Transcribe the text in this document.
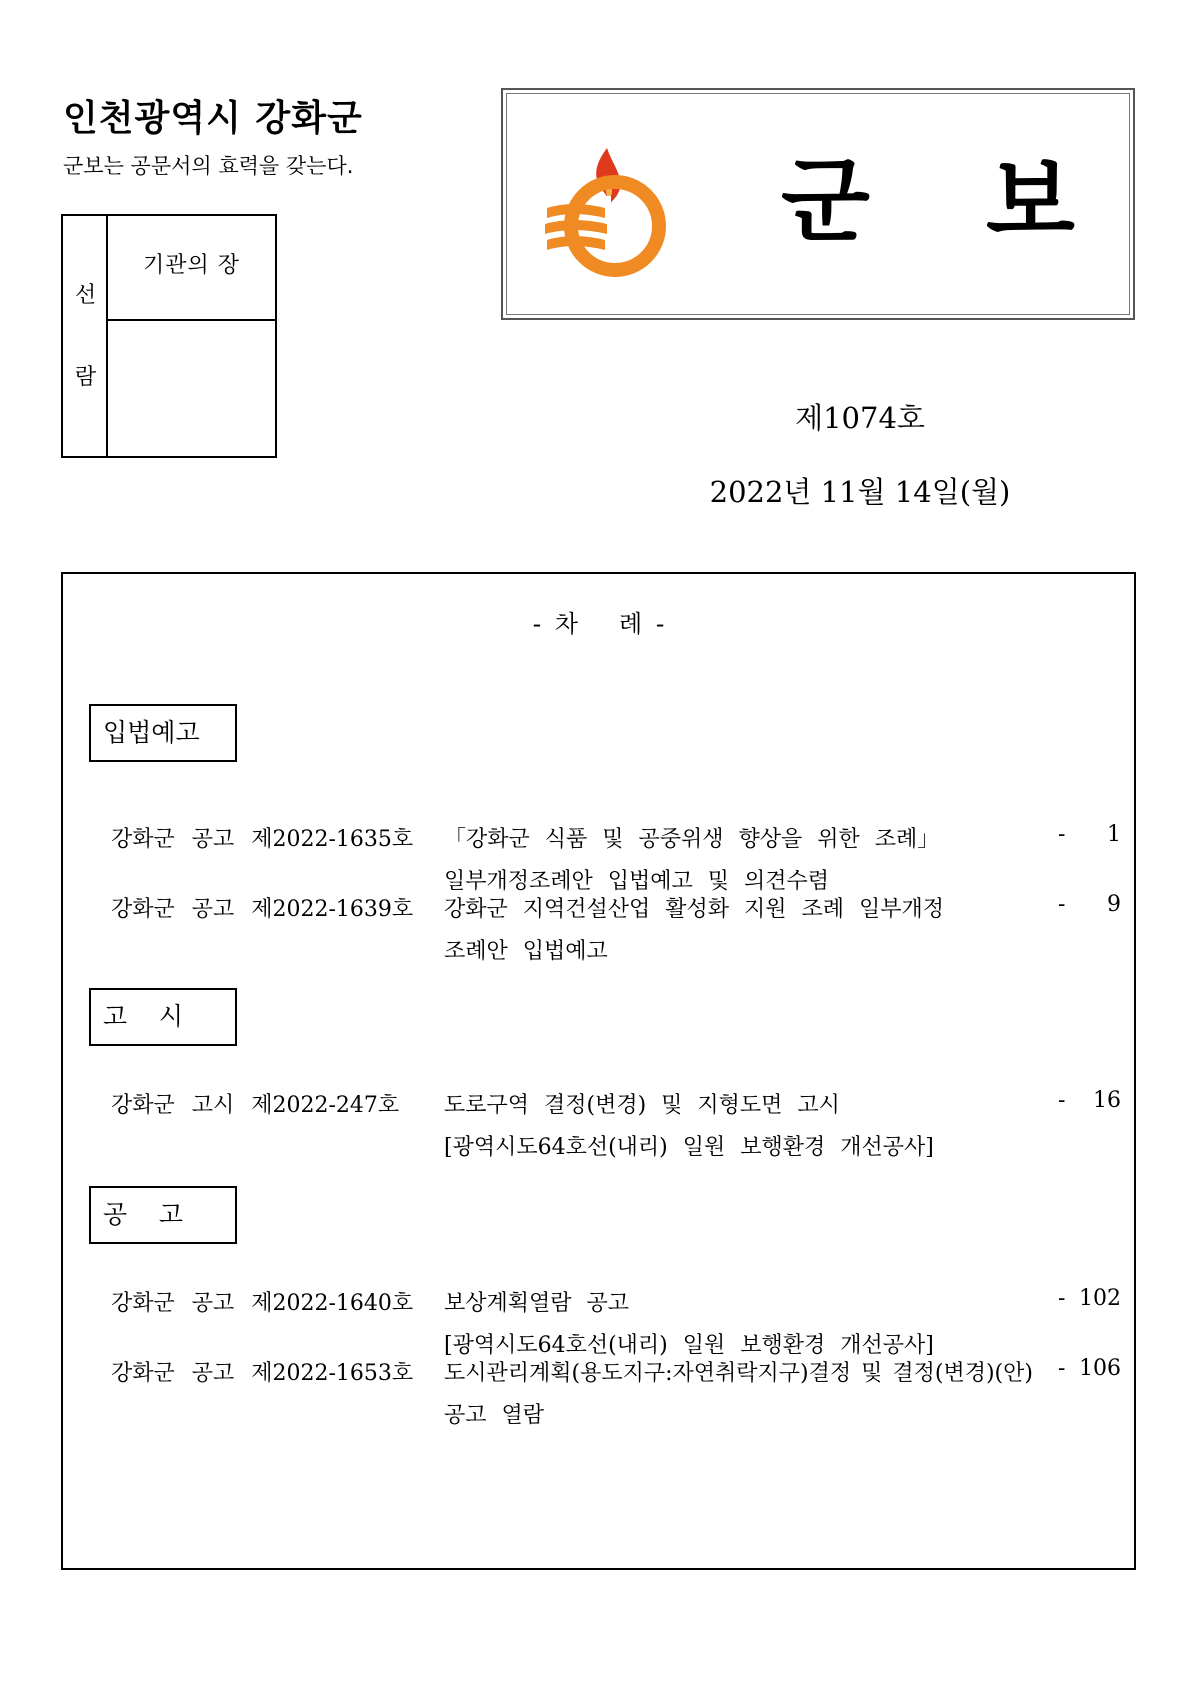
인천광역시 강화군
군보는 공문서의 효력을 갖는다.
선
람
기관의 장
군 보
제1074호
2022년 11월 14일(월)
- 차   례 -
입법예고
강화군 공고 제2022-1635호 「강화군 식품 및 공중위생 향상을 위한 조례」
일부개정조례안 입법예고 및 의견수렴
- 1
강화군 공고 제2022-1639호 강화군 지역건설산업 활성화 지원 조례 일부개정
조례안 입법예고
- 9
고    시
강화군 고시 제2022-247호 도로구역 결정(변경) 및 지형도면 고시
[광역시도64호선(내리) 일원 보행환경 개선공사]
- 16
공    고
강화군 공고 제2022-1640호 보상계획열람 공고
[광역시도64호선(내리) 일원 보행환경 개선공사]
- 102
강화군 공고 제2022-1653호 도시관리계획(용도지구:자연취락지구)결정 및 결정(변경)(안)
공고 열람
- 106
